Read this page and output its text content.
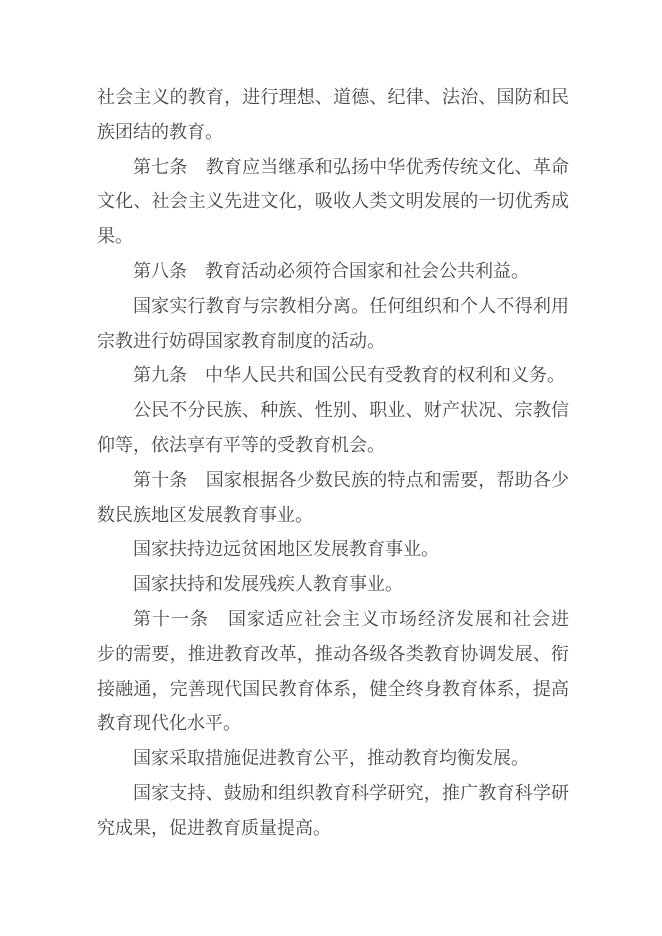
社会主义的教育，进行理想、道德、纪律、法治、国防和民
族团结的教育。
第七条　教育应当继承和弘扬中华优秀传统文化、革命
文化、社会主义先进文化，吸收人类文明发展的一切优秀成
果。
第八条　教育活动必须符合国家和社会公共利益。
国家实行教育与宗教相分离。任何组织和个人不得利用
宗教进行妨碍国家教育制度的活动。
第九条　中华人民共和国公民有受教育的权利和义务。
公民不分民族、种族、性别、职业、财产状况、宗教信
仰等，依法享有平等的受教育机会。
第十条　国家根据各少数民族的特点和需要，帮助各少
数民族地区发展教育事业。
国家扶持边远贫困地区发展教育事业。
国家扶持和发展残疾人教育事业。
第十一条　国家适应社会主义市场经济发展和社会进
步的需要，推进教育改革，推动各级各类教育协调发展、衔
接融通，完善现代国民教育体系，健全终身教育体系，提高
教育现代化水平。
国家采取措施促进教育公平，推动教育均衡发展。
国家支持、鼓励和组织教育科学研究，推广教育科学研
究成果，促进教育质量提高。
